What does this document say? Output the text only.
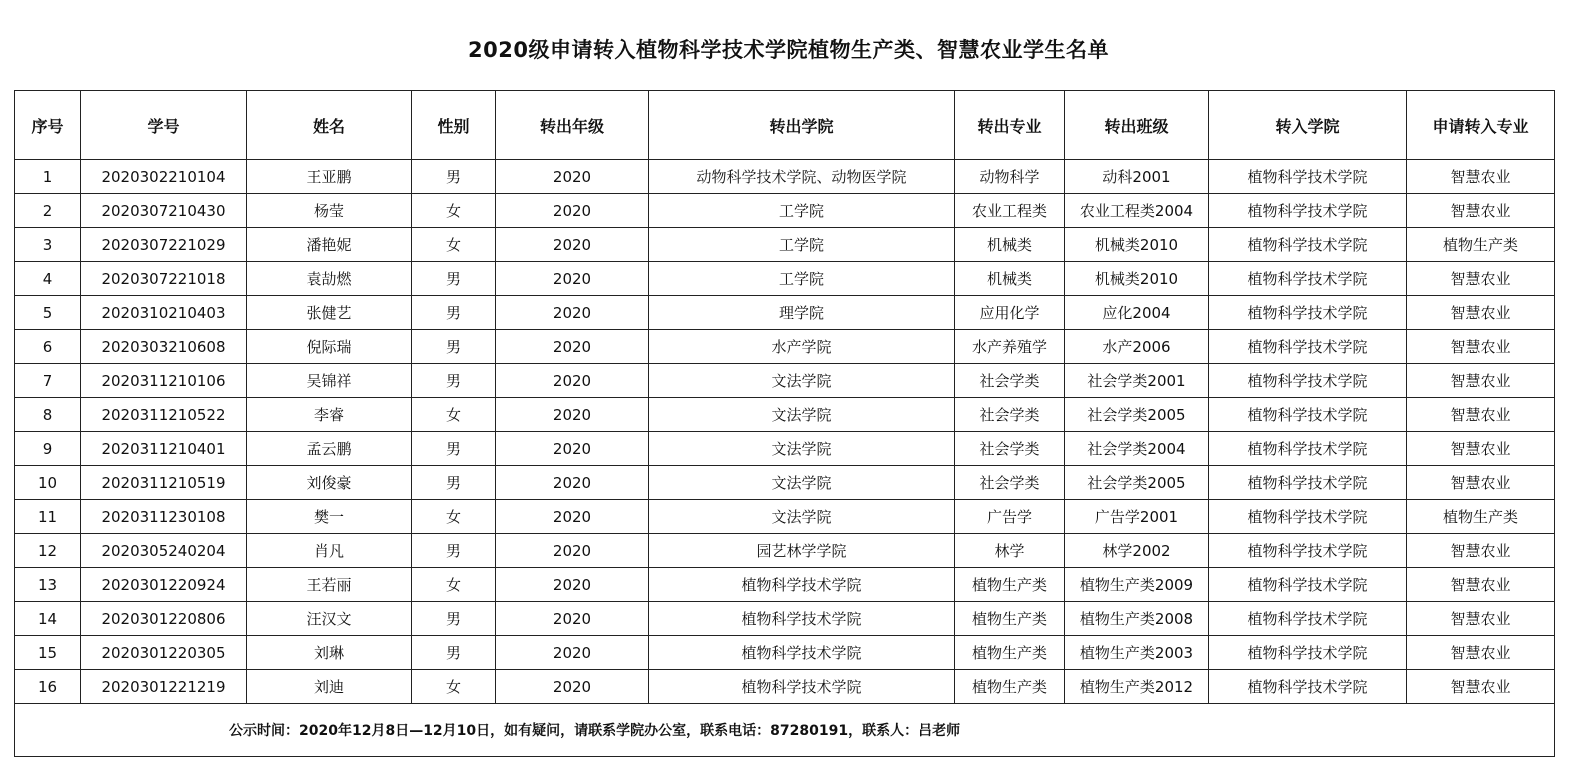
2020级申请转入植物科学技术学院植物生产类、智慧农业学生名单
序号	学号	姓名	性别	转出年级	转出学院	转出专业	转出班级	转入学院	申请转入专业
1	2020302210104	王亚鹏	男	2020	动物科学技术学院、动物医学院	动物科学	动科2001	植物科学技术学院	智慧农业
2	2020307210430	杨莹	女	2020	工学院	农业工程类	农业工程类2004	植物科学技术学院	智慧农业
3	2020307221029	潘艳妮	女	2020	工学院	机械类	机械类2010	植物科学技术学院	植物生产类
4	2020307221018	袁劼燃	男	2020	工学院	机械类	机械类2010	植物科学技术学院	智慧农业
5	2020310210403	张健艺	男	2020	理学院	应用化学	应化2004	植物科学技术学院	智慧农业
6	2020303210608	倪际瑞	男	2020	水产学院	水产养殖学	水产2006	植物科学技术学院	智慧农业
7	2020311210106	吴锦祥	男	2020	文法学院	社会学类	社会学类2001	植物科学技术学院	智慧农业
8	2020311210522	李睿	女	2020	文法学院	社会学类	社会学类2005	植物科学技术学院	智慧农业
9	2020311210401	孟云鹏	男	2020	文法学院	社会学类	社会学类2004	植物科学技术学院	智慧农业
10	2020311210519	刘俊豪	男	2020	文法学院	社会学类	社会学类2005	植物科学技术学院	智慧农业
11	2020311230108	樊一	女	2020	文法学院	广告学	广告学2001	植物科学技术学院	植物生产类
12	2020305240204	肖凡	男	2020	园艺林学学院	林学	林学2002	植物科学技术学院	智慧农业
13	2020301220924	王若丽	女	2020	植物科学技术学院	植物生产类	植物生产类2009	植物科学技术学院	智慧农业
14	2020301220806	汪汉文	男	2020	植物科学技术学院	植物生产类	植物生产类2008	植物科学技术学院	智慧农业
15	2020301220305	刘琳	男	2020	植物科学技术学院	植物生产类	植物生产类2003	植物科学技术学院	智慧农业
16	2020301221219	刘迪	女	2020	植物科学技术学院	植物生产类	植物生产类2012	植物科学技术学院	智慧农业
公示时间：2020年12月8日—12月10日，如有疑问，请联系学院办公室，联系电话：87280191，联系人：吕老师									
